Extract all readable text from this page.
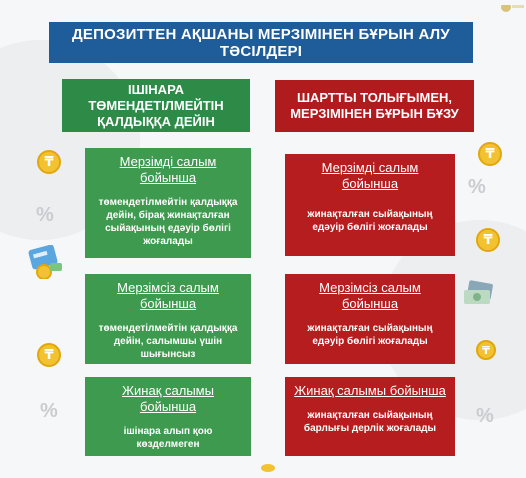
ДЕПОЗИТТЕН АҚШАНЫ МЕРЗІМІНЕН БҰРЫН АЛУ ТӘСІЛДЕРІ
ІШІНАРА ТӨМЕНДЕТІЛМЕЙТІН ҚАЛДЫҚҚА ДЕЙІН
ШАРТТЫ ТОЛЫҒЫМЕН, МЕРЗІМІНЕН БҰРЫН БҰЗУ
Мерзімді салым бойынша
төмендетілмейтін қалдыққа дейін, бірақ жинақталған сыйақының едәуір бөлігі жоғалады
Мерзімсіз салым бойынша
төмендетілмейтін қалдыққа дейін, салымшы үшін шығынсыз
Жинақ салымы бойынша
ішінара алып қою көзделмеген
Мерзімді салым бойынша
жинақталған сыйақының едәуір бөлігі жоғалады
Мерзімсіз салым бойынша
жинақталған сыйақының едәуір бөлігі жоғалады
Жинақ салымы бойынша
жинақталған сыйақының барлығы дерлік жоғалады
₸
₸
₸
₸	₸
%
%
%	%
